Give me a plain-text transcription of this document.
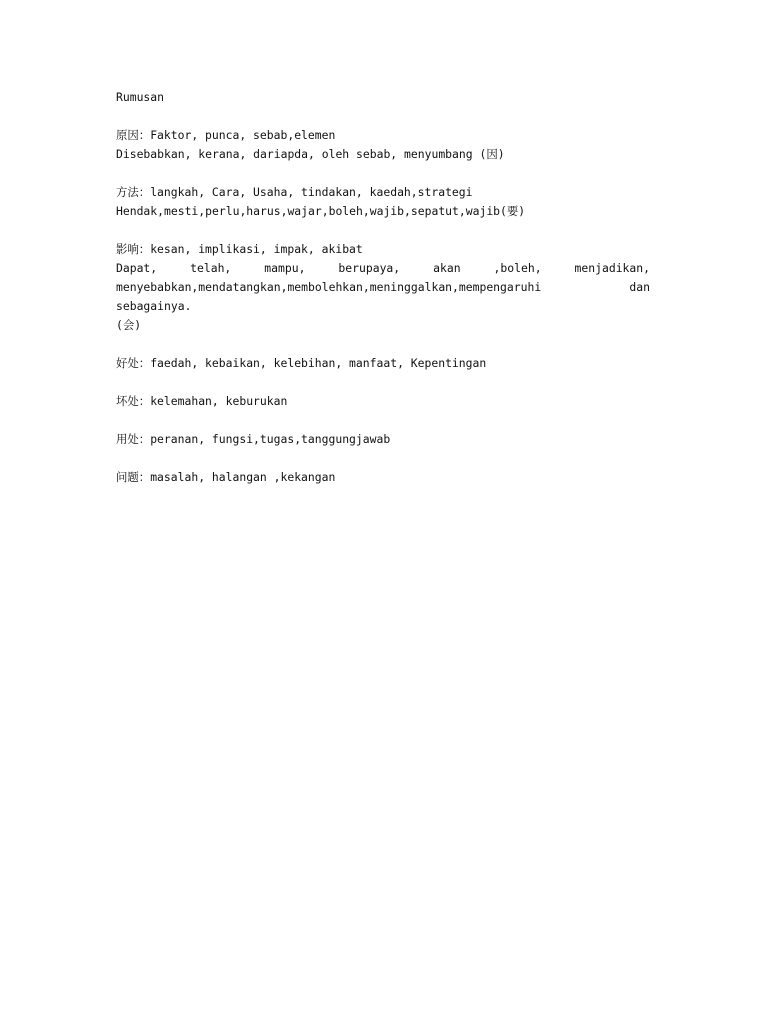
Rumusan
原因：Faktor, punca, sebab,elemen
Disebabkan, kerana, dariapda, oleh sebab, menyumbang (因)
方法：langkah, Cara, Usaha, tindakan, kaedah,strategi
Hendak,mesti,perlu,harus,wajar,boleh,wajib,sepatut,wajib(要)
影响：kesan, implikasi, impak, akibat
Dapat, telah, mampu, berupaya, akan ,boleh, menjadikan,
menyebabkan,mendatangkan,membolehkan,meninggalkan,mempengaruhi dan sebagainya.
(会)
好处：faedah, kebaikan, kelebihan, manfaat, Kepentingan
坏处：kelemahan, keburukan
用处：peranan, fungsi,tugas,tanggungjawab
问题：masalah, halangan ,kekangan
